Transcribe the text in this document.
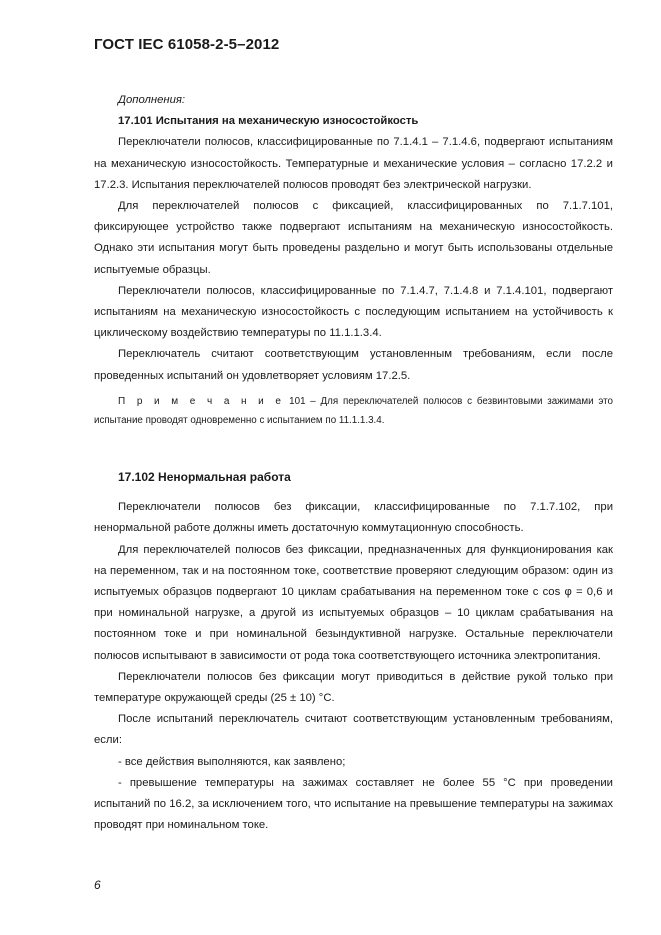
ГОСТ IEC 61058-2-5–2012

Дополнения:

17.101 Испытания на механическую износостойкость

Переключатели полюсов, классифицированные по 7.1.4.1 – 7.1.4.6, подвергают испытаниям на механическую износостойкость. Температурные и механические условия – согласно 17.2.2 и 17.2.3. Испытания переключателей полюсов проводят без электрической нагрузки.

Для переключателей полюсов с фиксацией, классифицированных по 7.1.7.101, фиксирующее устройство также подвергают испытаниям на механическую износостойкость. Однако эти испытания могут быть проведены раздельно и могут быть использованы отдельные испытуемые образцы.

Переключатели полюсов, классифицированные по 7.1.4.7, 7.1.4.8 и 7.1.4.101, подвергают испытаниям на механическую износостойкость с последующим испытанием на устойчивость к циклическому воздействию температуры по 11.1.1.3.4.

Переключатель считают соответствующим установленным требованиям, если после проведенных испытаний он удовлетворяет условиям 17.2.5.

П р и м е ч а н и е 101 – Для переключателей полюсов с безвинтовыми зажимами это испытание проводят одновременно с испытанием по 11.1.1.3.4.

17.102 Ненормальная работа

Переключатели полюсов без фиксации, классифицированные по 7.1.7.102, при ненормальной работе должны иметь достаточную коммутационную способность.

Для переключателей полюсов без фиксации, предназначенных для функционирования как на переменном, так и на постоянном токе, соответствие проверяют следующим образом: один из испытуемых образцов подвергают 10 циклам срабатывания на переменном токе с cos φ = 0,6 и при номинальной нагрузке, а другой из испытуемых образцов – 10 циклам срабатывания на постоянном токе и при номинальной безындуктивной нагрузке. Остальные переключатели полюсов испытывают в зависимости от рода тока соответствующего источника электропитания.

Переключатели полюсов без фиксации могут приводиться в действие рукой только при температуре окружающей среды (25 ± 10) °С.

После испытаний переключатель считают соответствующим установленным требованиям, если:

- все действия выполняются, как заявлено;

- превышение температуры на зажимах составляет не более 55 °С при проведении испытаний по 16.2, за исключением того, что испытание на превышение температуры на зажимах проводят при номинальном токе.

6
